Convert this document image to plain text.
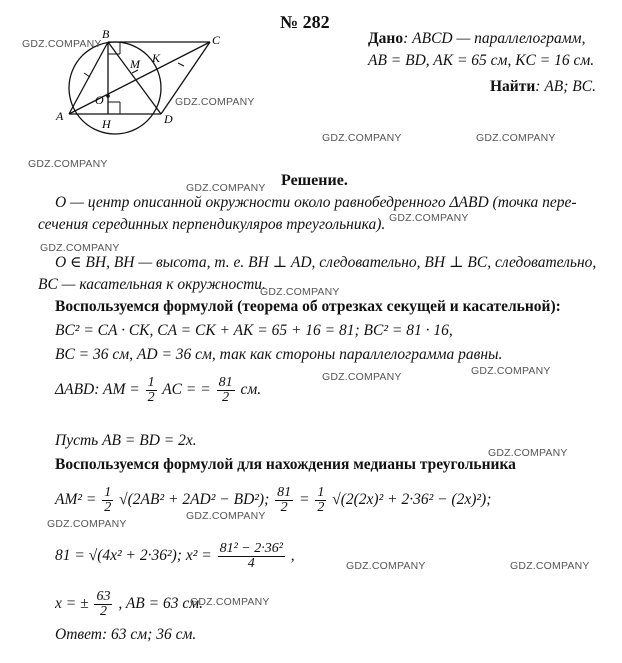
№ 282
Дано: ABCD — параллелограмм,
AB = BD, AK = 65 см, KC = 16 см.
Найти: AB; BC.
A
B	C
D
H
O
M K
Решение.
O — центр описанной окружности около равнобедренного ΔABD (точка пере-
сечения серединных перпендикуляров треугольника).
O ∈ BH, BH — высота, т. е. BH ⊥ AD, следовательно, BH ⊥ BC, следовательно,
BC — касательная к окружности.
Воспользуемся формулой (теорема об отрезках секущей и касательной):
BC² = CA · CK, CA = CK + AK = 65 + 16 = 81; BC² = 81 · 16,
BC = 36 см, AD = 36 см, так как стороны параллелограмма равны.
ΔABD: AM = $\frac{1}{2}$ AC = = $\frac{81}{2}$ см.
Пусть AB = BD = 2x.
Воспользуемся формулой для нахождения медианы треугольника
$AM^2 = \frac{1}{2} √(2AB^2 + 2AD^2 - BD^2)$; $\frac{81}{2} = \frac{1}{2} √(2(2x)^2 + 2\cdot 36^2 - (2x)^2)$;
81 = √(4x² + 2·36²); $x^2 = \frac{\text{81² − 2·36²}}{4}$ ,
x = ± $\frac{63}{2}$ , AB = 63 см.
Ответ: 63 см; 36 см.
GDZ.COMPANY
GDZ.COMPANY
GDZ.COMPANY	GDZ.COMPANY
GDZ.COMPANY
GDZ.COMPANY
GDZ.COMPANY
GDZ.COMPANY
GDZ.COMPANY
GDZ.COMPANY	GDZ.COMPANY
GDZ.COMPANY
GDZ.COMPANY
GDZ.COMPANY
GDZ.COMPANY	GDZ.COMPANY
GDZ.COMPANY
